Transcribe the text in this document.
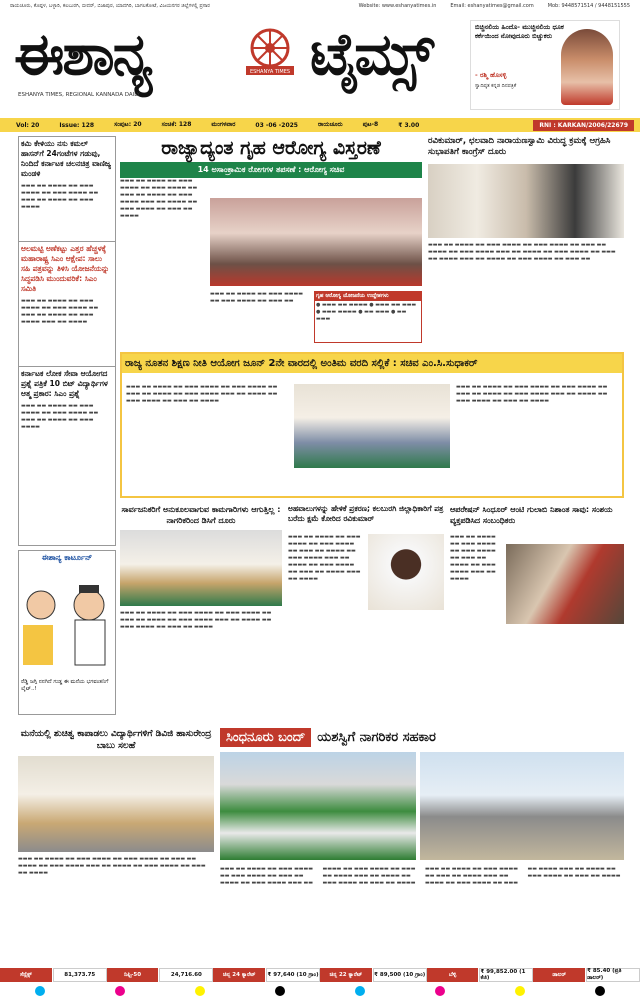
ರಾಯಚೂರು, ಕೊಪ್ಪಳ, ಬಳ್ಳಾರಿ, ಕಲಬುರಗಿ, ಬೀದರ್, ಬಿಜಾಪುರ, ಯಾದಗಿರಿ, ಬಾಗಲಕೋಟೆ, ವಿಜಯನಗರ ಜಿಲ್ಲೆಗಳಲ್ಲಿ ಪ್ರಸಾರ	Website: www.eshanyatimes.in	Email: eshanyatimes@gmail.com	Mob: 9448571514 / 9448151555
ಈಶಾನ್ಯ	ಟೈಮ್ಸ್
ESHANYA TIMES
ESHANYA TIMES, REGIONAL KANNADA DAILY
ಬಿಚ್ಚಿನಲಿಯ ಹಿಂದೊ- ಮುಚ್ಚಿನಲಿಯ ಧೂಕ ಕರ್ಕೆಯಿಂದ ನೋವುದೂರು ಬಿಚ್ಚುಕರು
- ರಶ್ಮಿ ಹೊಸಳ್ಳಿ
ಸ್ವಾದಿಷ್ಠತ ಕನ್ನಡ ದಿನಪತ್ರಿಕೆ
Vol: 20	Issue: 128	ಸಂಪುಟ: 20	ಸಂಚಿಕೆ: 128	ಮಂಗಳವಾರ	03 -06 -2025	ರಾಯಚೂರು	ಪುಟ-8	₹ 3.00	RNI : KARKAN/2006/22679
ಕಮಿ ಕೇಳಿಯು ನಸು ಕಮಲ್ ಹಾಸನ್‌ಗೆ 24ಗಂಟೆಗಳ ಗಡುವು, ನಿಂದಿದೆ ಕರ್ನಾಟಕ ಚಲನಚಿತ್ರ ವಾಣಿಜ್ಯ ಮಂಡಳಿ
▬▬▬ ▬▬ ▬▬▬▬ ▬▬ ▬▬▬ ▬▬▬▬ ▬▬ ▬▬▬ ▬▬▬▬ ▬▬ ▬▬▬ ▬▬ ▬▬▬▬ ▬▬ ▬▬▬ ▬▬▬▬
ಆಲಮಟ್ಟಿ ಅಣೆಕಟ್ಟು ಎತ್ತರ ಹೆಚ್ಚಳಕ್ಕೆ ಮಹಾರಾಷ್ಟ್ರ ಸಿಎಂ ಆಕ್ಷೇಪ: ಸಾಲು ಸಹಿ ಪತ್ರವನ್ನು ತಿಳಿಸಿ ಯೋಜನೆಯನ್ನು ಸಿದ್ಧಪಡಿಸಿ ಮುಂದುವರಿಕೆ: ಸಿಎಂ ಸಮಿತಿ
▬▬▬ ▬▬ ▬▬▬▬ ▬▬ ▬▬▬ ▬▬▬▬ ▬▬ ▬▬▬ ▬▬▬▬ ▬▬ ▬▬▬ ▬▬ ▬▬▬▬ ▬▬ ▬▬▬ ▬▬▬▬ ▬▬▬ ▬▬ ▬▬▬▬
ಕರ್ನಾಟಕ ಲೋಕ ಸೇವಾ ಆಯೋಗದ ಪ್ರಶ್ನೆ ಪತ್ರಿಕೆ 10 ಬಿಟ್ ವಿದ್ಯಾರ್ಥಿಗಳ ಆತ್ಮ ಪ್ರಕಾರ: ಸಿಎಂ ಪ್ರಶ್ನೆ
▬▬▬ ▬▬ ▬▬▬▬ ▬▬ ▬▬▬ ▬▬▬▬ ▬▬ ▬▬▬ ▬▬▬▬ ▬▬ ▬▬▬ ▬▬ ▬▬▬▬ ▬▬ ▬▬▬ ▬▬▬▬
ಈಶಾನ್ಯ ಕಾರ್ಟೂನ್
ರೆಡ್ಡಿ ಜಗ್ಗಿ ನನಗಿದೆ ಗುಡ್ಡ ಈ ಮನೆಯ ಭಗವಂತನಿಗೆ ಲೈಟ್..!
ರಾಜ್ಯಾದ್ಯಂತ ಗೃಹ ಆರೋಗ್ಯ ವಿಸ್ತರಣೆ
14 ಅಸಾಂಕ್ರಾಮಿಕ ರೋಗಗಳ ತಪಸಣೆ : ಆರೋಗ್ಯ ಸಚಿವ
▬▬▬ ▬▬ ▬▬▬▬ ▬▬ ▬▬▬ ▬▬▬▬ ▬▬ ▬▬▬ ▬▬▬▬ ▬▬ ▬▬▬ ▬▬ ▬▬▬▬ ▬▬ ▬▬▬ ▬▬▬▬ ▬▬▬ ▬▬ ▬▬▬▬ ▬▬ ▬▬▬ ▬▬▬▬ ▬▬ ▬▬▬ ▬▬ ▬▬▬▬
▬▬▬ ▬▬ ▬▬▬▬ ▬▬ ▬▬▬ ▬▬▬▬ ▬▬ ▬▬▬ ▬▬▬▬ ▬▬ ▬▬▬ ▬▬
ಗೃಹ ಆರೋಗ್ಯ ಯೋಜನೆಯ ಉದ್ದೇಶಗಳು
● ▬▬▬ ▬▬ ▬▬▬▬ ● ▬▬▬ ▬▬ ▬▬▬ ● ▬▬▬ ▬▬▬▬ ● ▬▬ ▬▬▬ ● ▬▬ ▬▬▬
ರವಿಕುಮಾರ್, ಛಲವಾದಿ ನಾರಾಯಣಸ್ವಾಮಿ ವಿರುದ್ಧ ಕ್ರಮಕ್ಕೆ ಆಗ್ರಹಿಸಿ ಸುಭಾಪತಿಗೆ ಕಾಂಗ್ರೆಸ್ ದೂರು
▬▬▬ ▬▬ ▬▬▬▬ ▬▬ ▬▬▬ ▬▬▬▬ ▬▬ ▬▬▬ ▬▬▬▬ ▬▬ ▬▬▬ ▬▬ ▬▬▬▬ ▬▬ ▬▬▬ ▬▬▬▬ ▬▬▬ ▬▬ ▬▬▬▬ ▬▬ ▬▬▬ ▬▬▬▬ ▬▬ ▬▬▬ ▬▬ ▬▬▬▬ ▬▬▬ ▬▬ ▬▬▬▬ ▬▬ ▬▬▬ ▬▬▬▬ ▬▬ ▬▬▬ ▬▬
ರಾಜ್ಯ ನೂತನ ಶಿಕ್ಷಣ ನೀತಿ ಆಯೋಗ ಜೂನ್ 2ನೇ ವಾರದಲ್ಲಿ ಅಂತಿಮ ವರದಿ ಸಲ್ಲಿಕೆ : ಸಚಿವ ಎಂ.ಸಿ.ಸುಧಾಕರ್
▬▬▬ ▬▬ ▬▬▬▬ ▬▬ ▬▬▬ ▬▬▬▬ ▬▬ ▬▬▬ ▬▬▬▬ ▬▬ ▬▬▬ ▬▬ ▬▬▬▬ ▬▬ ▬▬▬ ▬▬▬▬ ▬▬▬ ▬▬ ▬▬▬▬ ▬▬ ▬▬▬ ▬▬▬▬ ▬▬ ▬▬▬ ▬▬ ▬▬▬▬
▬▬▬ ▬▬ ▬▬▬▬ ▬▬ ▬▬▬ ▬▬▬▬ ▬▬ ▬▬▬ ▬▬▬▬ ▬▬ ▬▬▬ ▬▬ ▬▬▬▬ ▬▬ ▬▬▬ ▬▬▬▬ ▬▬▬ ▬▬ ▬▬▬▬ ▬▬ ▬▬▬ ▬▬▬▬ ▬▬ ▬▬▬ ▬▬ ▬▬▬▬
ಸಾರ್ವಜನಿಕರಿಗೆ ಅನುಕೂಲವಾಗುವ ಕಾಮಗಾರಿಗಳು ಆಗುತ್ತಿಲ್ಲ : ನಾಗರಿಕರಿಂದ ಡಿಸಿಗೆ ದೂರು
▬▬▬ ▬▬ ▬▬▬▬ ▬▬ ▬▬▬ ▬▬▬▬ ▬▬ ▬▬▬ ▬▬▬▬ ▬▬ ▬▬▬ ▬▬ ▬▬▬▬ ▬▬ ▬▬▬ ▬▬▬▬ ▬▬▬ ▬▬ ▬▬▬▬ ▬▬ ▬▬▬ ▬▬▬▬ ▬▬ ▬▬▬ ▬▬ ▬▬▬▬
ಅಹವಾಲುಗಳನ್ನು ಹೇಳಿಕೆ ಪ್ರಕರಣ; ಕಲಬುರಗಿ ಜಿಲ್ಲಾಧಿಕಾರಿಗೆ ಪತ್ರ ಬರೆದು ಕ್ಷಮೆ ಕೋರಿದ ರವಿಕುಮಾರ್
▬▬▬ ▬▬ ▬▬▬▬ ▬▬ ▬▬▬ ▬▬▬▬ ▬▬ ▬▬▬ ▬▬▬▬ ▬▬ ▬▬▬ ▬▬ ▬▬▬▬ ▬▬ ▬▬▬ ▬▬▬▬ ▬▬▬ ▬▬ ▬▬▬▬ ▬▬ ▬▬▬ ▬▬▬▬ ▬▬ ▬▬▬ ▬▬ ▬▬▬▬ ▬▬▬ ▬▬ ▬▬▬▬
ಆಪರೇಷನ್ ಸಿಂಧೂರ್ ಆಂಟಿ ಗುಲಾಬಿ ನಿಶಾಂತ ಸಾವು: ಸಂಶಯ ವ್ಯಕ್ತಪಡಿಸಿದ ಸಂಬಂಧಿಕರು
▬▬▬ ▬▬ ▬▬▬▬ ▬▬ ▬▬▬ ▬▬▬▬ ▬▬ ▬▬▬ ▬▬▬▬ ▬▬ ▬▬▬ ▬▬ ▬▬▬▬ ▬▬ ▬▬▬ ▬▬▬▬ ▬▬▬ ▬▬ ▬▬▬▬
ಮನೆಯಲ್ಲಿ ಶುಚಿತ್ವ ಕಾಪಾಡಲು ವಿದ್ಯಾರ್ಥಿಗಳಿಗೆ ಡಿವಿಜಿ ಹಾಸುರೇಂದ್ರ ಬಾಬು ಸಲಹೆ
▬▬▬ ▬▬ ▬▬▬▬ ▬▬ ▬▬▬ ▬▬▬▬ ▬▬ ▬▬▬ ▬▬▬▬ ▬▬ ▬▬▬ ▬▬ ▬▬▬▬ ▬▬ ▬▬▬ ▬▬▬▬ ▬▬▬ ▬▬ ▬▬▬▬ ▬▬ ▬▬▬ ▬▬▬▬ ▬▬ ▬▬▬ ▬▬ ▬▬▬▬
ಸಿಂಧನೂರು ಬಂದ್ ಯಶಸ್ವಿಗೆ ನಾಗರಿಕರ ಸಹಕಾರ
▬▬▬ ▬▬ ▬▬▬▬ ▬▬ ▬▬▬ ▬▬▬▬ ▬▬ ▬▬▬ ▬▬▬▬ ▬▬ ▬▬▬ ▬▬ ▬▬▬▬ ▬▬ ▬▬▬ ▬▬▬▬ ▬▬▬ ▬▬ ▬▬▬▬ ▬▬ ▬▬▬ ▬▬▬▬ ▬▬ ▬▬▬ ▬▬ ▬▬▬▬ ▬▬▬ ▬▬ ▬▬▬▬ ▬▬ ▬▬▬ ▬▬▬▬ ▬▬ ▬▬▬ ▬▬ ▬▬▬▬ ▬▬▬ ▬▬ ▬▬▬▬ ▬▬ ▬▬▬ ▬▬▬▬ ▬▬ ▬▬▬ ▬▬ ▬▬▬▬ ▬▬▬ ▬▬ ▬▬▬▬ ▬▬ ▬▬▬ ▬▬▬▬ ▬▬ ▬▬▬ ▬▬ ▬▬▬▬ ▬▬▬ ▬▬ ▬▬▬▬ ▬▬ ▬▬▬ ▬▬▬▬ ▬▬ ▬▬▬ ▬▬ ▬▬▬▬
ಸೆನ್ಸೆಕ್ಸ್	81,373.75	ನಿಫ್ಟಿ-50	24,716.60	ಚಿನ್ನ 24 ಕ್ಯಾರೆಟ್	₹ 97,640 (10 ಗ್ರಾಂ)	ಚಿನ್ನ 22 ಕ್ಯಾರೆಟ್	₹ 89,500 (10 ಗ್ರಾಂ)	ಬೆಳ್ಳಿ	₹ 99,852.00 (1 ಕೆಜಿ)	ಡಾಲರ್
₹ 85.40 (ಪ್ರತಿ ಡಾಲರ್)
